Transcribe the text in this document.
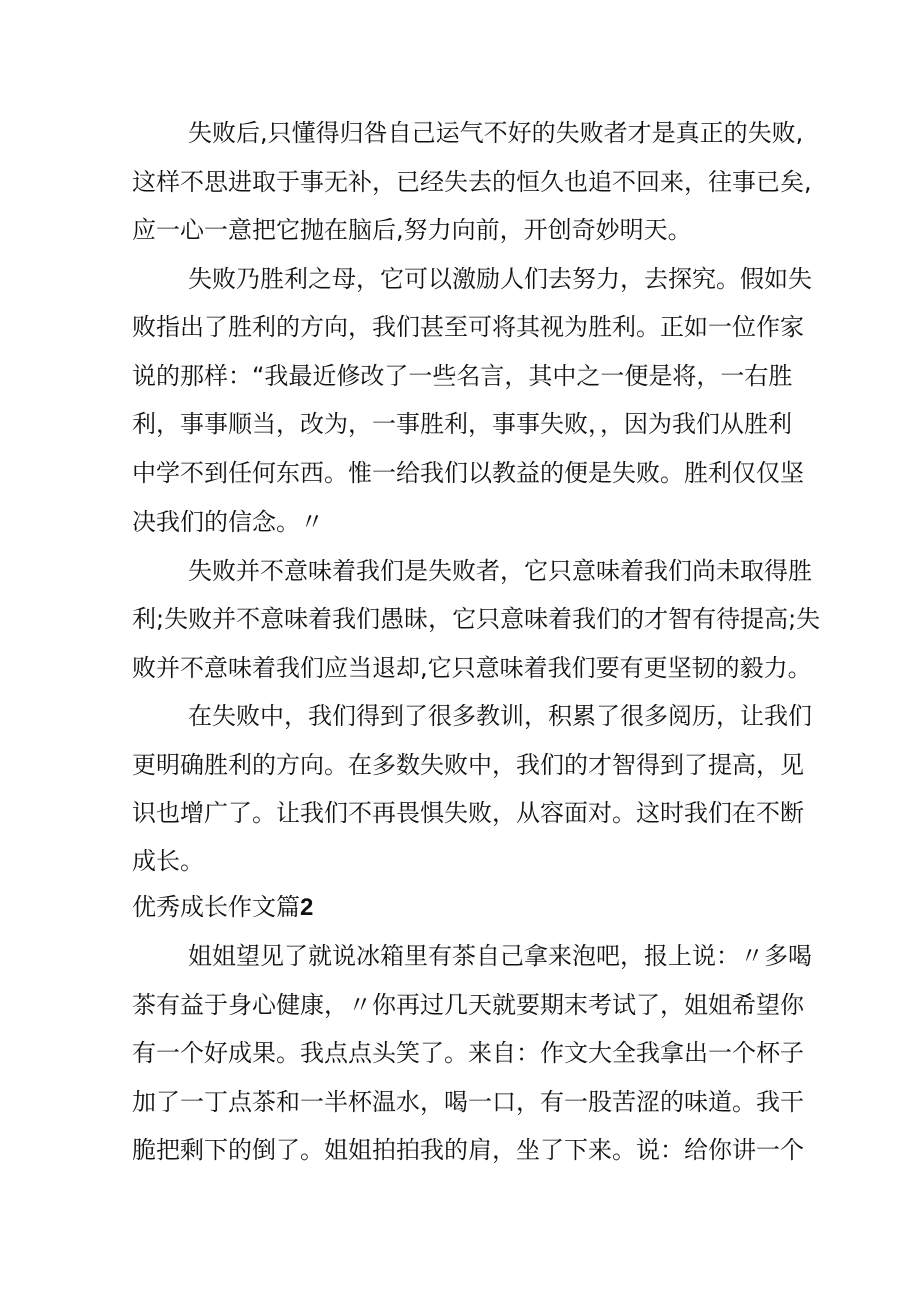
失败后,只懂得归咎自己运气不好的失败者才是真正的失败,
这样不思进取于事无补，已经失去的恒久也追不回来，往事已矣,
应一心一意把它抛在脑后,努力向前，开创奇妙明天。
失败乃胜利之母，它可以激励人们去努力，去探究。假如失
败指出了胜利的方向，我们甚至可将其视为胜利。正如一位作家
说的那样：“我最近修改了一些名言，其中之一便是将，一右胜
利，事事顺当，改为，一事胜利，事事失败，，因为我们从胜利
中学不到任何东西。惟一给我们以教益的便是失败。胜利仅仅坚
决我们的信念。〃
失败并不意味着我们是失败者，它只意味着我们尚未取得胜
利;失败并不意味着我们愚昧，它只意味着我们的才智有待提高;失
败并不意味着我们应当退却,它只意味着我们要有更坚韧的毅力。
在失败中，我们得到了很多教训，积累了很多阅历，让我们
更明确胜利的方向。在多数失败中，我们的才智得到了提高，见
识也增广了。让我们不再畏惧失败，从容面对。这时我们在不断
成长。
优秀成长作文篇2
姐姐望见了就说冰箱里有茶自己拿来泡吧，报上说：〃多喝
茶有益于身心健康，〃你再过几天就要期末考试了，姐姐希望你
有一个好成果。我点点头笑了。来自：作文大全我拿出一个杯子
加了一丁点茶和一半杯温水，喝一口，有一股苦涩的味道。我干
脆把剩下的倒了。姐姐拍拍我的肩，坐了下来。说：给你讲一个
